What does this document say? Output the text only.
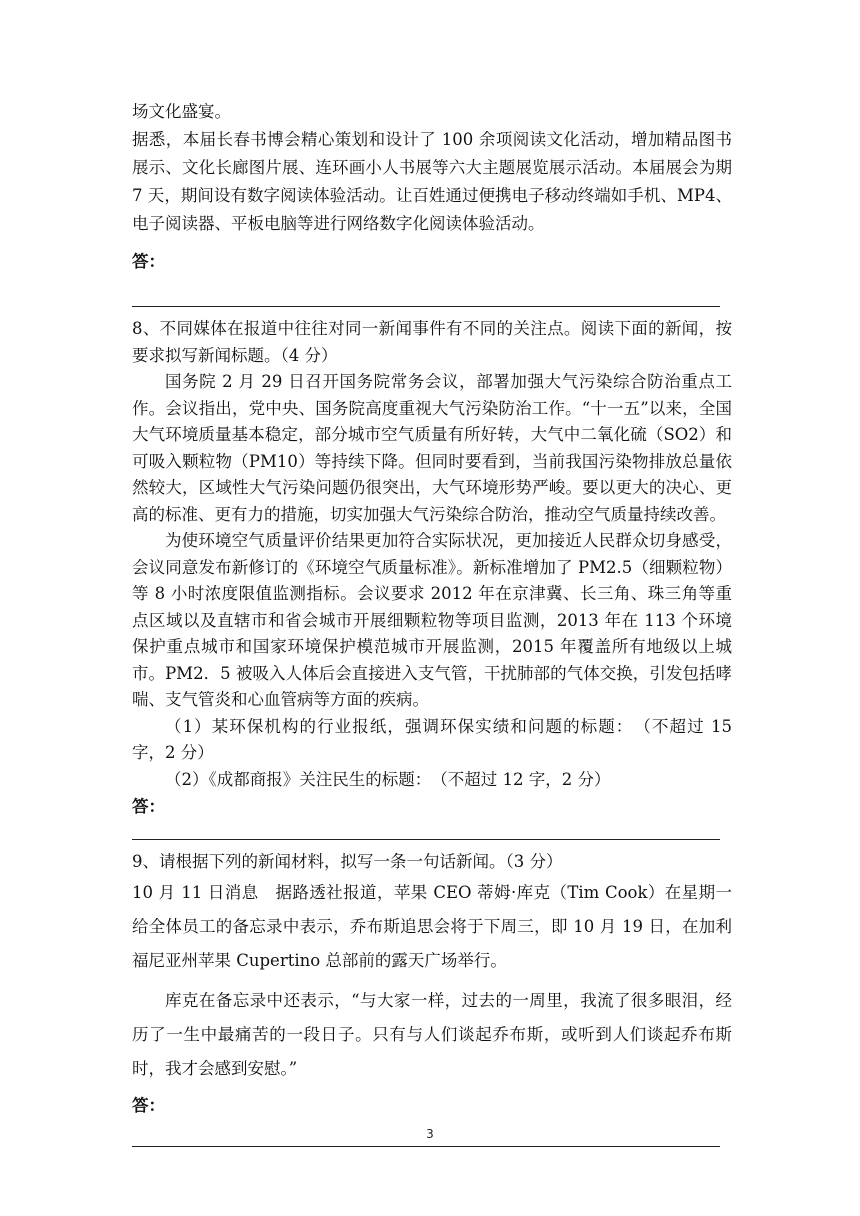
场文化盛宴。

据悉，本届长春书博会精心策划和设计了 100 余项阅读文化活动，增加精品图书展示、文化长廊图片展、连环画小人书展等六大主题展览展示活动。本届展会为期 7 天，期间设有数字阅读体验活动。让百姓通过便携电子移动终端如手机、MP4、电子阅读器、平板电脑等进行网络数字化阅读体验活动。

答：

8、不同媒体在报道中往往对同一新闻事件有不同的关注点。阅读下面的新闻，按要求拟写新闻标题。（4 分）

国务院 2 月 29 日召开国务院常务会议，部署加强大气污染综合防治重点工作。会议指出，党中央、国务院高度重视大气污染防治工作。“十一五”以来，全国大气环境质量基本稳定，部分城市空气质量有所好转，大气中二氧化硫（SO2）和可吸入颗粒物（PM10）等持续下降。但同时要看到，当前我国污染物排放总量依然较大，区域性大气污染问题仍很突出，大气环境形势严峻。要以更大的决心、更高的标准、更有力的措施，切实加强大气污染综合防治，推动空气质量持续改善。

为使环境空气质量评价结果更加符合实际状况，更加接近人民群众切身感受，会议同意发布新修订的《环境空气质量标准》。新标准增加了 PM2.5（细颗粒物）等 8 小时浓度限值监测指标。会议要求 2012 年在京津冀、长三角、珠三角等重点区域以及直辖市和省会城市开展细颗粒物等项目监测，2013 年在 113 个环境保护重点城市和国家环境保护模范城市开展监测，2015 年覆盖所有地级以上城市。PM2．5 被吸入人体后会直接进入支气管，干扰肺部的气体交换，引发包括哮喘、支气管炎和心血管病等方面的疾病。

（1）某环保机构的行业报纸，强调环保实绩和问题的标题：　（不超过 15 字，2 分）

（2）《成都商报》关注民生的标题：　（不超过 12 字，2 分）

答：

9、请根据下列的新闻材料，拟写一条一句话新闻。（3 分）

10 月 11 日消息　据路透社报道，苹果 CEO 蒂姆·库克（Tim Cook）在星期一给全体员工的备忘录中表示，乔布斯追思会将于下周三，即 10 月 19 日，在加利福尼亚州苹果 Cupertino 总部前的露天广场举行。

库克在备忘录中还表示，“与大家一样，过去的一周里，我流了很多眼泪，经历了一生中最痛苦的一段日子。只有与人们谈起乔布斯，或听到人们谈起乔布斯时，我才会感到安慰。”

答：
3
